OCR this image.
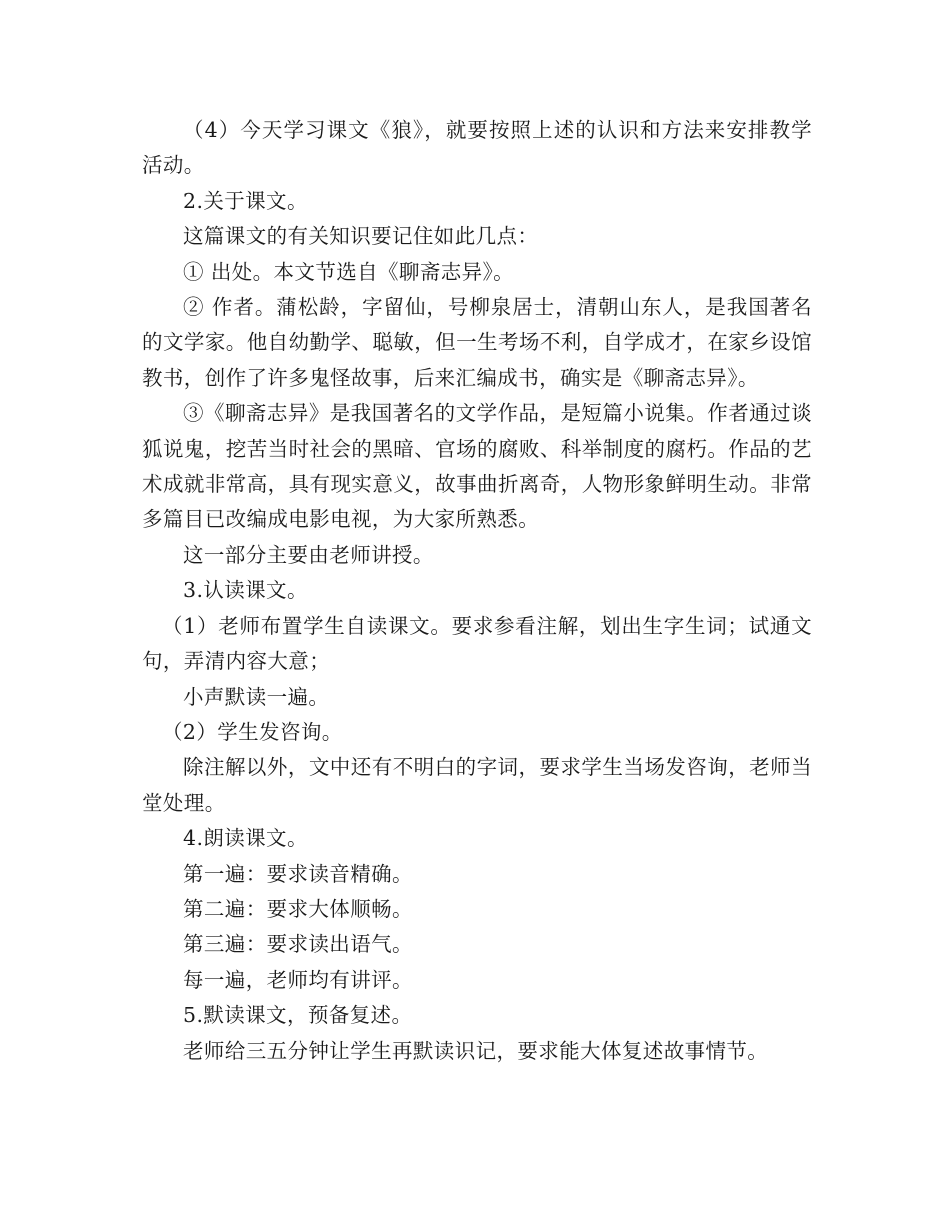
（4）今天学习课文《狼》，就要按照上述的认识和方法来安排教学活动。

2.关于课文。

这篇课文的有关知识要记住如此几点：

① 出处。本文节选自《聊斋志异》。

② 作者。蒲松龄，字留仙，号柳泉居士，清朝山东人，是我国著名的文学家。他自幼勤学、聪敏，但一生考场不利，自学成才，在家乡设馆教书，创作了许多鬼怪故事，后来汇编成书，确实是《聊斋志异》。

③《聊斋志异》是我国著名的文学作品，是短篇小说集。作者通过谈狐说鬼，挖苦当时社会的黑暗、官场的腐败、科举制度的腐朽。作品的艺术成就非常高，具有现实意义，故事曲折离奇，人物形象鲜明生动。非常多篇目已改编成电影电视，为大家所熟悉。

这一部分主要由老师讲授。

3.认读课文。

（1）老师布置学生自读课文。要求参看注解，划出生字生词；试通文句，弄清内容大意；

小声默读一遍。

（2）学生发咨询。

除注解以外，文中还有不明白的字词，要求学生当场发咨询，老师当堂处理。

4.朗读课文。

第一遍：要求读音精确。

第二遍：要求大体顺畅。

第三遍：要求读出语气。

每一遍，老师均有讲评。

5.默读课文，预备复述。

老师给三五分钟让学生再默读识记，要求能大体复述故事情节。
